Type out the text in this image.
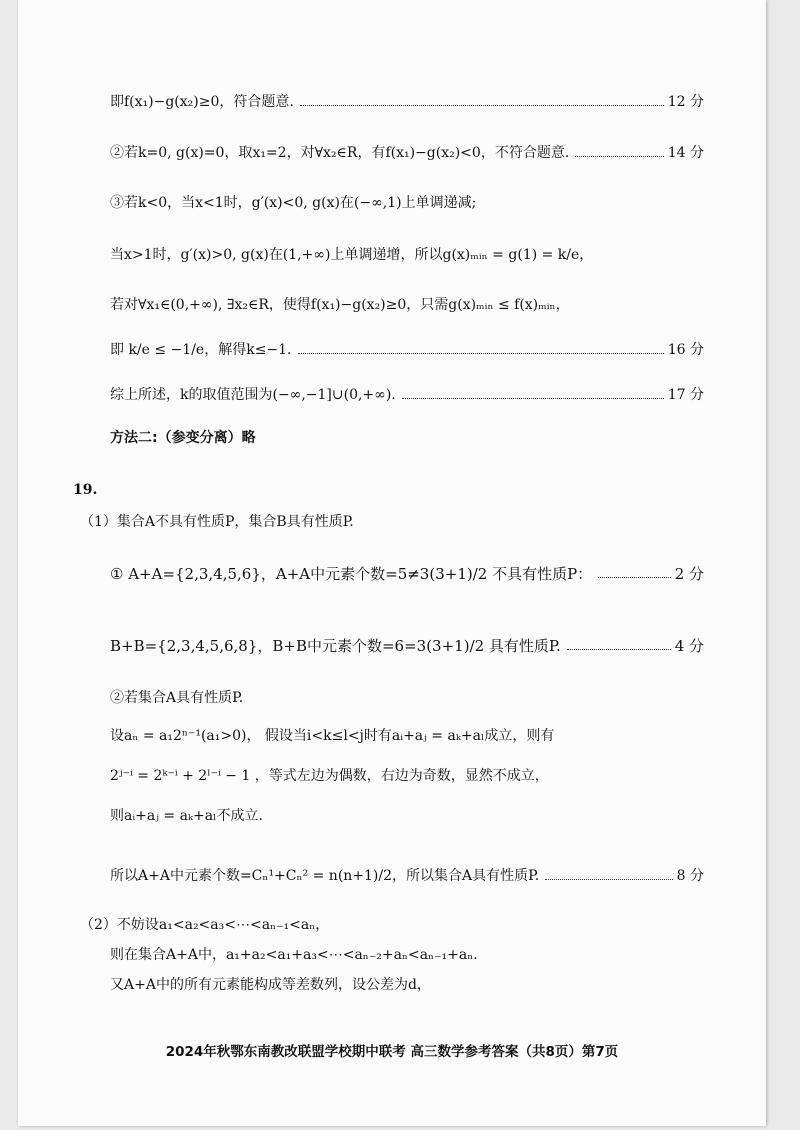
即f(x₁)−g(x₂)≥0，符合题意.	12 分
②若k=0, g(x)=0，取x₁=2，对∀x₂∈R，有f(x₁)−g(x₂)<0，不符合题意.	14 分
③若k<0，当x<1时，g′(x)<0, g(x)在(−∞,1)上单调递减;
当x>1时，g′(x)>0, g(x)在(1,+∞)上单调递增，所以g(x)ₘᵢₙ = g(1) = k/e，
若对∀x₁∈(0,+∞), ∃x₂∈R，使得f(x₁)−g(x₂)≥0，只需g(x)ₘᵢₙ ≤ f(x)ₘᵢₙ，
即 k/e ≤ −1/e，解得k≤−1.	16 分
综上所述，k的取值范围为(−∞,−1]∪(0,+∞).	17 分
方法二:（参变分离）略
19.
（1）集合A不具有性质P，集合B具有性质P.
① A+A={2,3,4,5,6}，A+A中元素个数=5≠3(3+1)/2 不具有性质P：	2 分
B+B={2,3,4,5,6,8}，B+B中元素个数=6=3(3+1)/2 具有性质P.	4 分
②若集合A具有性质P.
设aₙ = a₁2ⁿ⁻¹(a₁>0)， 假设当i<k≤l<j时有aᵢ+aⱼ = aₖ+aₗ成立，则有
2ʲ⁻ⁱ = 2ᵏ⁻ⁱ + 2ˡ⁻ⁱ − 1 ，等式左边为偶数，右边为奇数，显然不成立，
则aᵢ+aⱼ = aₖ+aₗ不成立.
所以A+A中元素个数=Cₙ¹+Cₙ² = n(n+1)/2，所以集合A具有性质P.	8 分
（2）不妨设a₁<a₂<a₃<⋯<aₙ₋₁<aₙ，
则在集合A+A中，a₁+a₂<a₁+a₃<⋯<aₙ₋₂+aₙ<aₙ₋₁+aₙ.
又A+A中的所有元素能构成等差数列，设公差为d，
2024年秋鄂东南教改联盟学校期中联考 高三数学参考答案（共8页）第7页
